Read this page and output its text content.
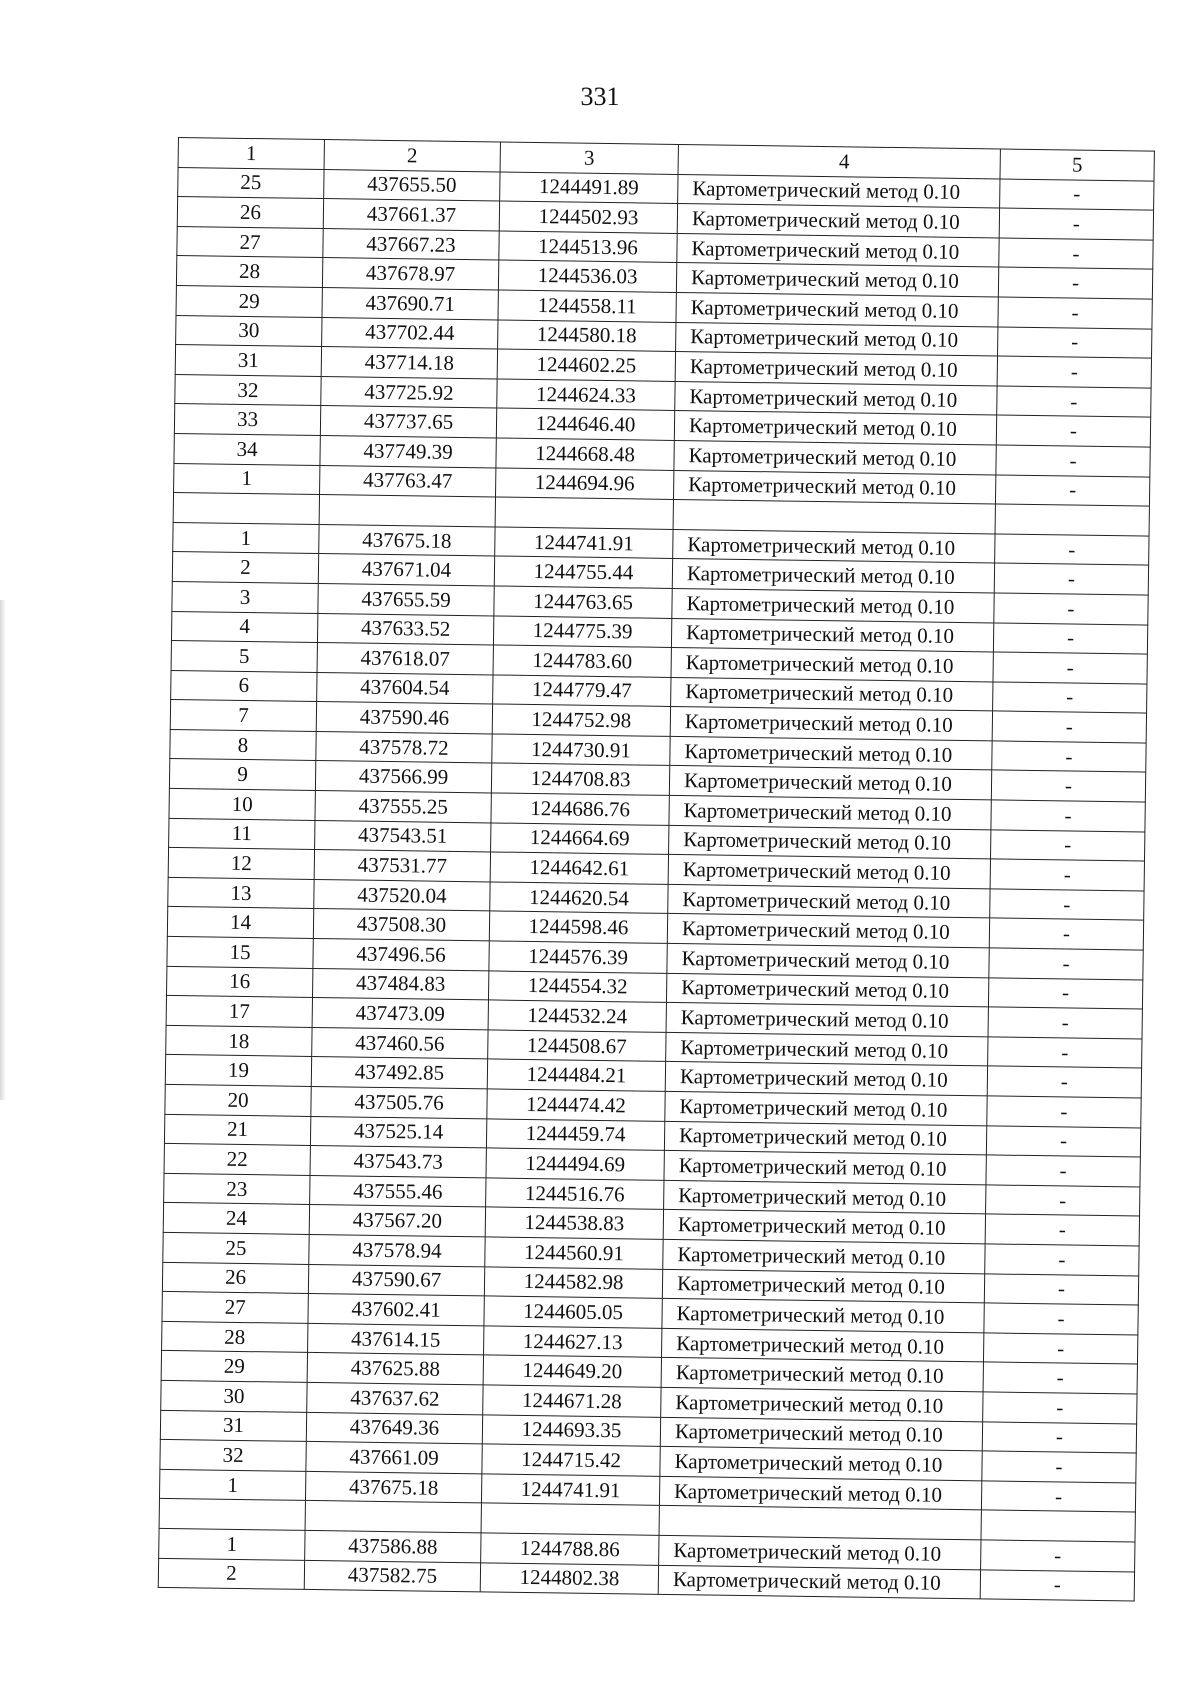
331
1	2	3	4	5
25	437655.50	1244491.89	Картометрический метод 0.10	-
26	437661.37	1244502.93	Картометрический метод 0.10	-
27	437667.23	1244513.96	Картометрический метод 0.10	-
28	437678.97	1244536.03	Картометрический метод 0.10	-
29	437690.71	1244558.11	Картометрический метод 0.10	-
30	437702.44	1244580.18	Картометрический метод 0.10	-
31	437714.18	1244602.25	Картометрический метод 0.10	-
32	437725.92	1244624.33	Картометрический метод 0.10	-
33	437737.65	1244646.40	Картометрический метод 0.10	-
34	437749.39	1244668.48	Картометрический метод 0.10	-
1	437763.47	1244694.96	Картометрический метод 0.10	-

1	437675.18	1244741.91	Картометрический метод 0.10	-
2	437671.04	1244755.44	Картометрический метод 0.10	-
3	437655.59	1244763.65	Картометрический метод 0.10	-
4	437633.52	1244775.39	Картометрический метод 0.10	-
5	437618.07	1244783.60	Картометрический метод 0.10	-
6	437604.54	1244779.47	Картометрический метод 0.10	-
7	437590.46	1244752.98	Картометрический метод 0.10	-
8	437578.72	1244730.91	Картометрический метод 0.10	-
9	437566.99	1244708.83	Картометрический метод 0.10	-
10	437555.25	1244686.76	Картометрический метод 0.10	-
11	437543.51	1244664.69	Картометрический метод 0.10	-
12	437531.77	1244642.61	Картометрический метод 0.10	-
13	437520.04	1244620.54	Картометрический метод 0.10	-
14	437508.30	1244598.46	Картометрический метод 0.10	-
15	437496.56	1244576.39	Картометрический метод 0.10	-
16	437484.83	1244554.32	Картометрический метод 0.10	-
17	437473.09	1244532.24	Картометрический метод 0.10	-
18	437460.56	1244508.67	Картометрический метод 0.10	-
19	437492.85	1244484.21	Картометрический метод 0.10	-
20	437505.76	1244474.42	Картометрический метод 0.10	-
21	437525.14	1244459.74	Картометрический метод 0.10	-
22	437543.73	1244494.69	Картометрический метод 0.10	-
23	437555.46	1244516.76	Картометрический метод 0.10	-
24	437567.20	1244538.83	Картометрический метод 0.10	-
25	437578.94	1244560.91	Картометрический метод 0.10	-
26	437590.67	1244582.98	Картометрический метод 0.10	-
27	437602.41	1244605.05	Картометрический метод 0.10	-
28	437614.15	1244627.13	Картометрический метод 0.10	-
29	437625.88	1244649.20	Картометрический метод 0.10	-
30	437637.62	1244671.28	Картометрический метод 0.10	-
31	437649.36	1244693.35	Картометрический метод 0.10	-
32	437661.09	1244715.42	Картометрический метод 0.10	-
1	437675.18	1244741.91	Картометрический метод 0.10	-

1	437586.88	1244788.86	Картометрический метод 0.10	-
2	437582.75	1244802.38	Картометрический метод 0.10	-
